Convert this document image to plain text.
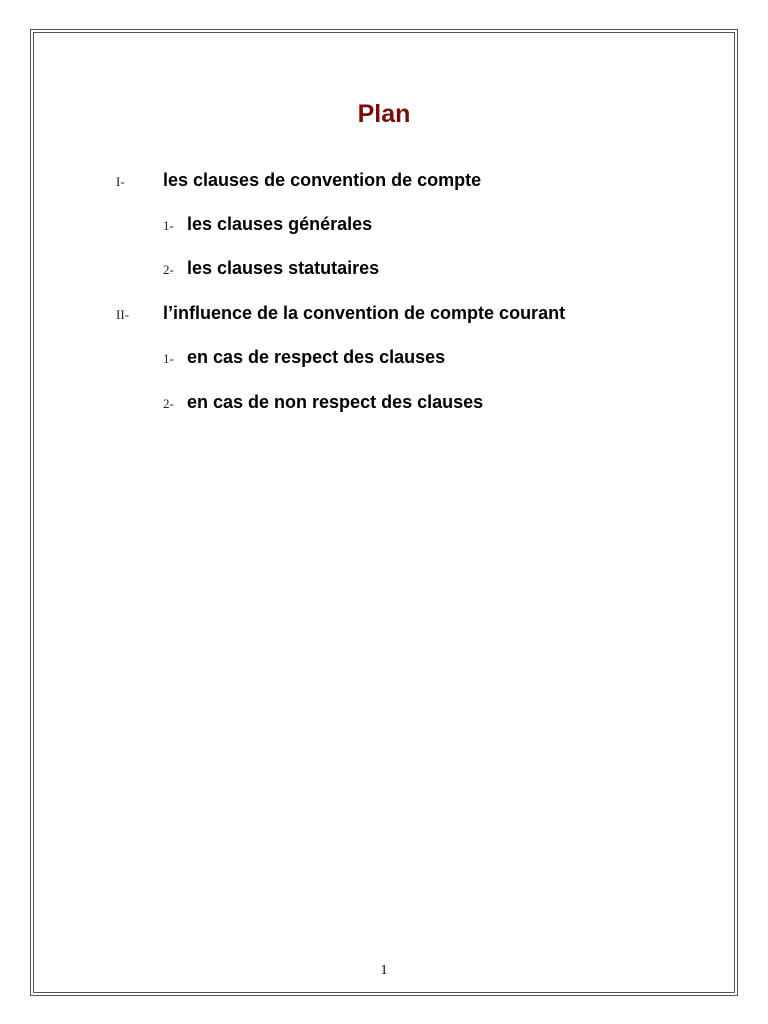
Plan
I- les clauses de convention de compte
1- les clauses générales
2- les clauses statutaires
II- l’influence de la convention de compte courant
1- en cas de respect des clauses
2- en cas de non respect des clauses
1
